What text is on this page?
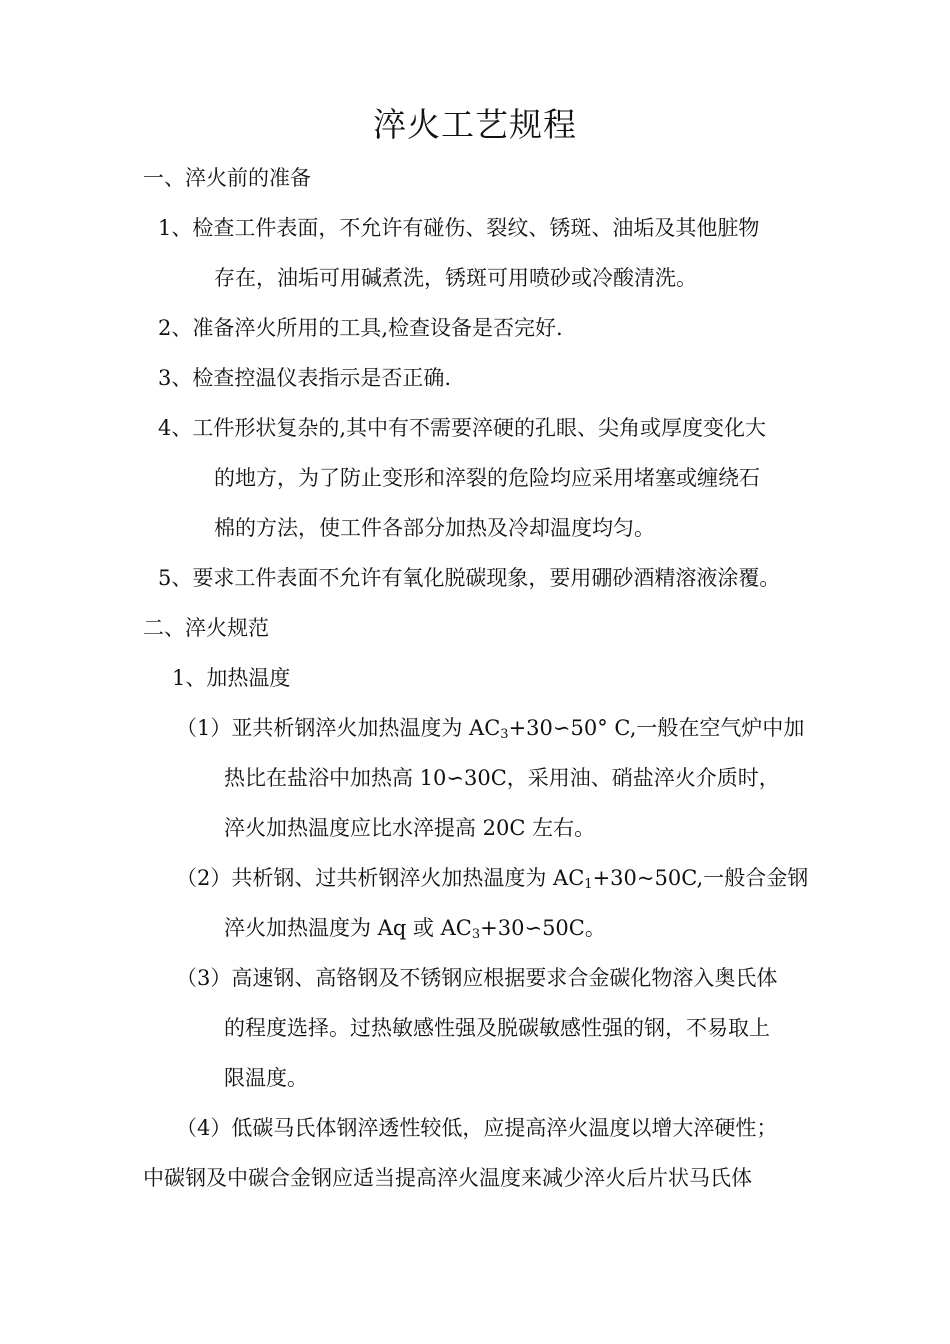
淬火工艺规程
一、淬火前的准备
1、检查工件表面，不允许有碰伤、裂纹、锈斑、油垢及其他脏物
存在，油垢可用碱煮洗，锈斑可用喷砂或冷酸清洗。
2、准备淬火所用的工具,检查设备是否完好.
3、检查控温仪表指示是否正确.
4、工件形状复杂的,其中有不需要淬硬的孔眼、尖角或厚度变化大
的地方，为了防止变形和淬裂的危险均应采用堵塞或缠绕石
棉的方法，使工件各部分加热及冷却温度均匀。
5、要求工件表面不允许有氧化脱碳现象，要用硼砂酒精溶液涂覆。
二、淬火规范
1、加热温度
（1）亚共析钢淬火加热温度为 $AC_3+30∽50^\circ$ C,一般在空气炉中加
热比在盐浴中加热高 10∽30C，采用油、硝盐淬火介质时，
淬火加热温度应比水淬提高 20C 左右。
（2）共析钢、过共析钢淬火加热温度为 $AC_1+30\sim 50C$,一般合金钢
淬火加热温度为 Aq 或 $AC_3+30∽50C$。
（3）高速钢、高铬钢及不锈钢应根据要求合金碳化物溶入奥氏体
的程度选择。过热敏感性强及脱碳敏感性强的钢，不易取上
限温度。
（4）低碳马氏体钢淬透性较低，应提高淬火温度以增大淬硬性；
中碳钢及中碳合金钢应适当提高淬火温度来减少淬火后片状马氏体
